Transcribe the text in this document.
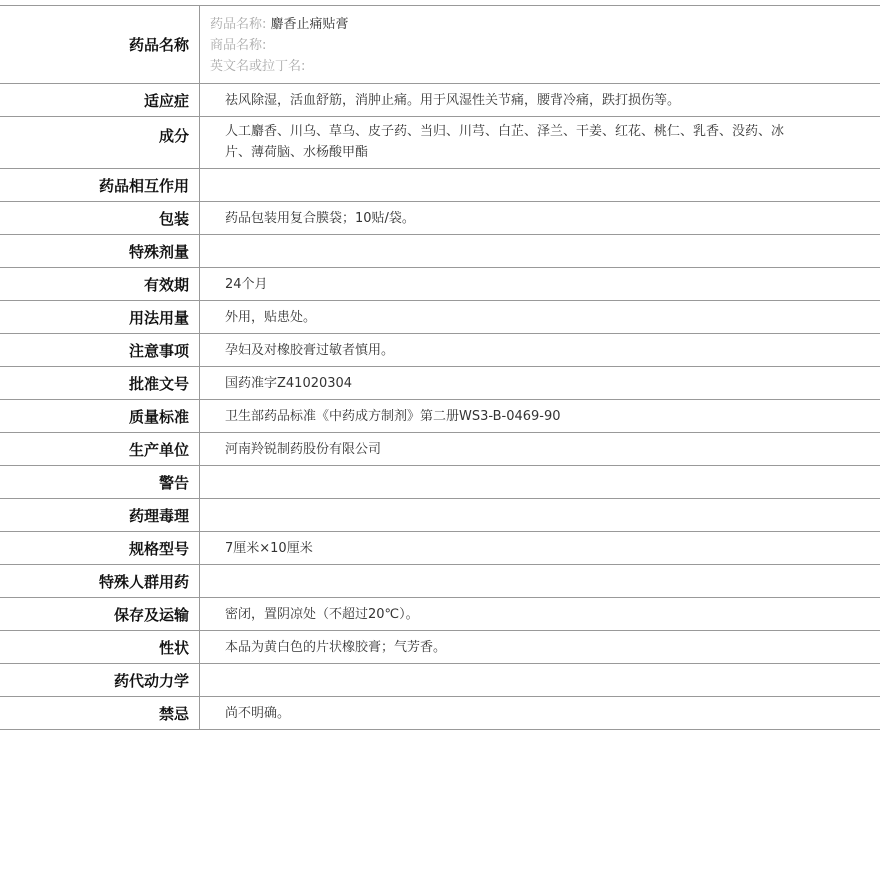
药品名称
药品名称: 麝香止痛贴膏
商品名称:
英文名或拉丁名:
适应症	祛风除湿，活血舒筋，消肿止痛。用于风湿性关节痛，腰背冷痛，跌打损伤等。
成分	人工麝香、川乌、草乌、皮子药、当归、川芎、白芷、泽兰、干姜、红花、桃仁、乳香、没药、冰片、薄荷脑、水杨酸甲酯
药品相互作用
包装	药品包装用复合膜袋；10贴/袋。
特殊剂量
有效期	24个月
用法用量	外用，贴患处。
注意事项	孕妇及对橡胶膏过敏者慎用。
批准文号	国药准字Z41020304
质量标准	卫生部药品标准《中药成方制剂》第二册WS3-B-0469-90
生产单位	河南羚锐制药股份有限公司
警告
药理毒理
规格型号	7厘米×10厘米
特殊人群用药
保存及运输	密闭，置阴凉处（不超过20℃）。
性状	本品为黄白色的片状橡胶膏；气芳香。
药代动力学
禁忌	尚不明确。
